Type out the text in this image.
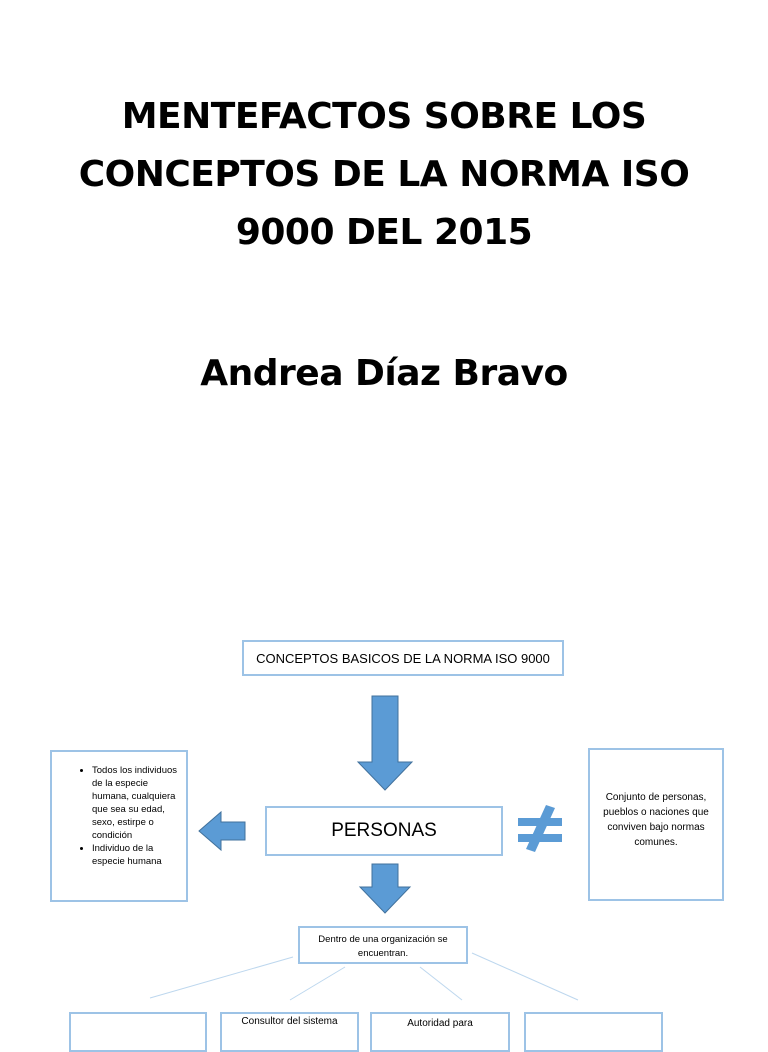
MENTEFACTOS SOBRE LOS
CONCEPTOS DE LA NORMA ISO
9000 DEL 2015
Andrea Díaz Bravo
CONCEPTOS BASICOS DE LA NORMA ISO 9000
PERSONAS
• Todos los individuos de la especie humana, cualquiera que sea su edad, sexo, estirpe o condición
• Individuo de la especie humana
Conjunto de personas, pueblos o naciones que conviven bajo normas comunes.
Dentro de una organización se encuentran.
Consultor del sistema	Autoridad para
